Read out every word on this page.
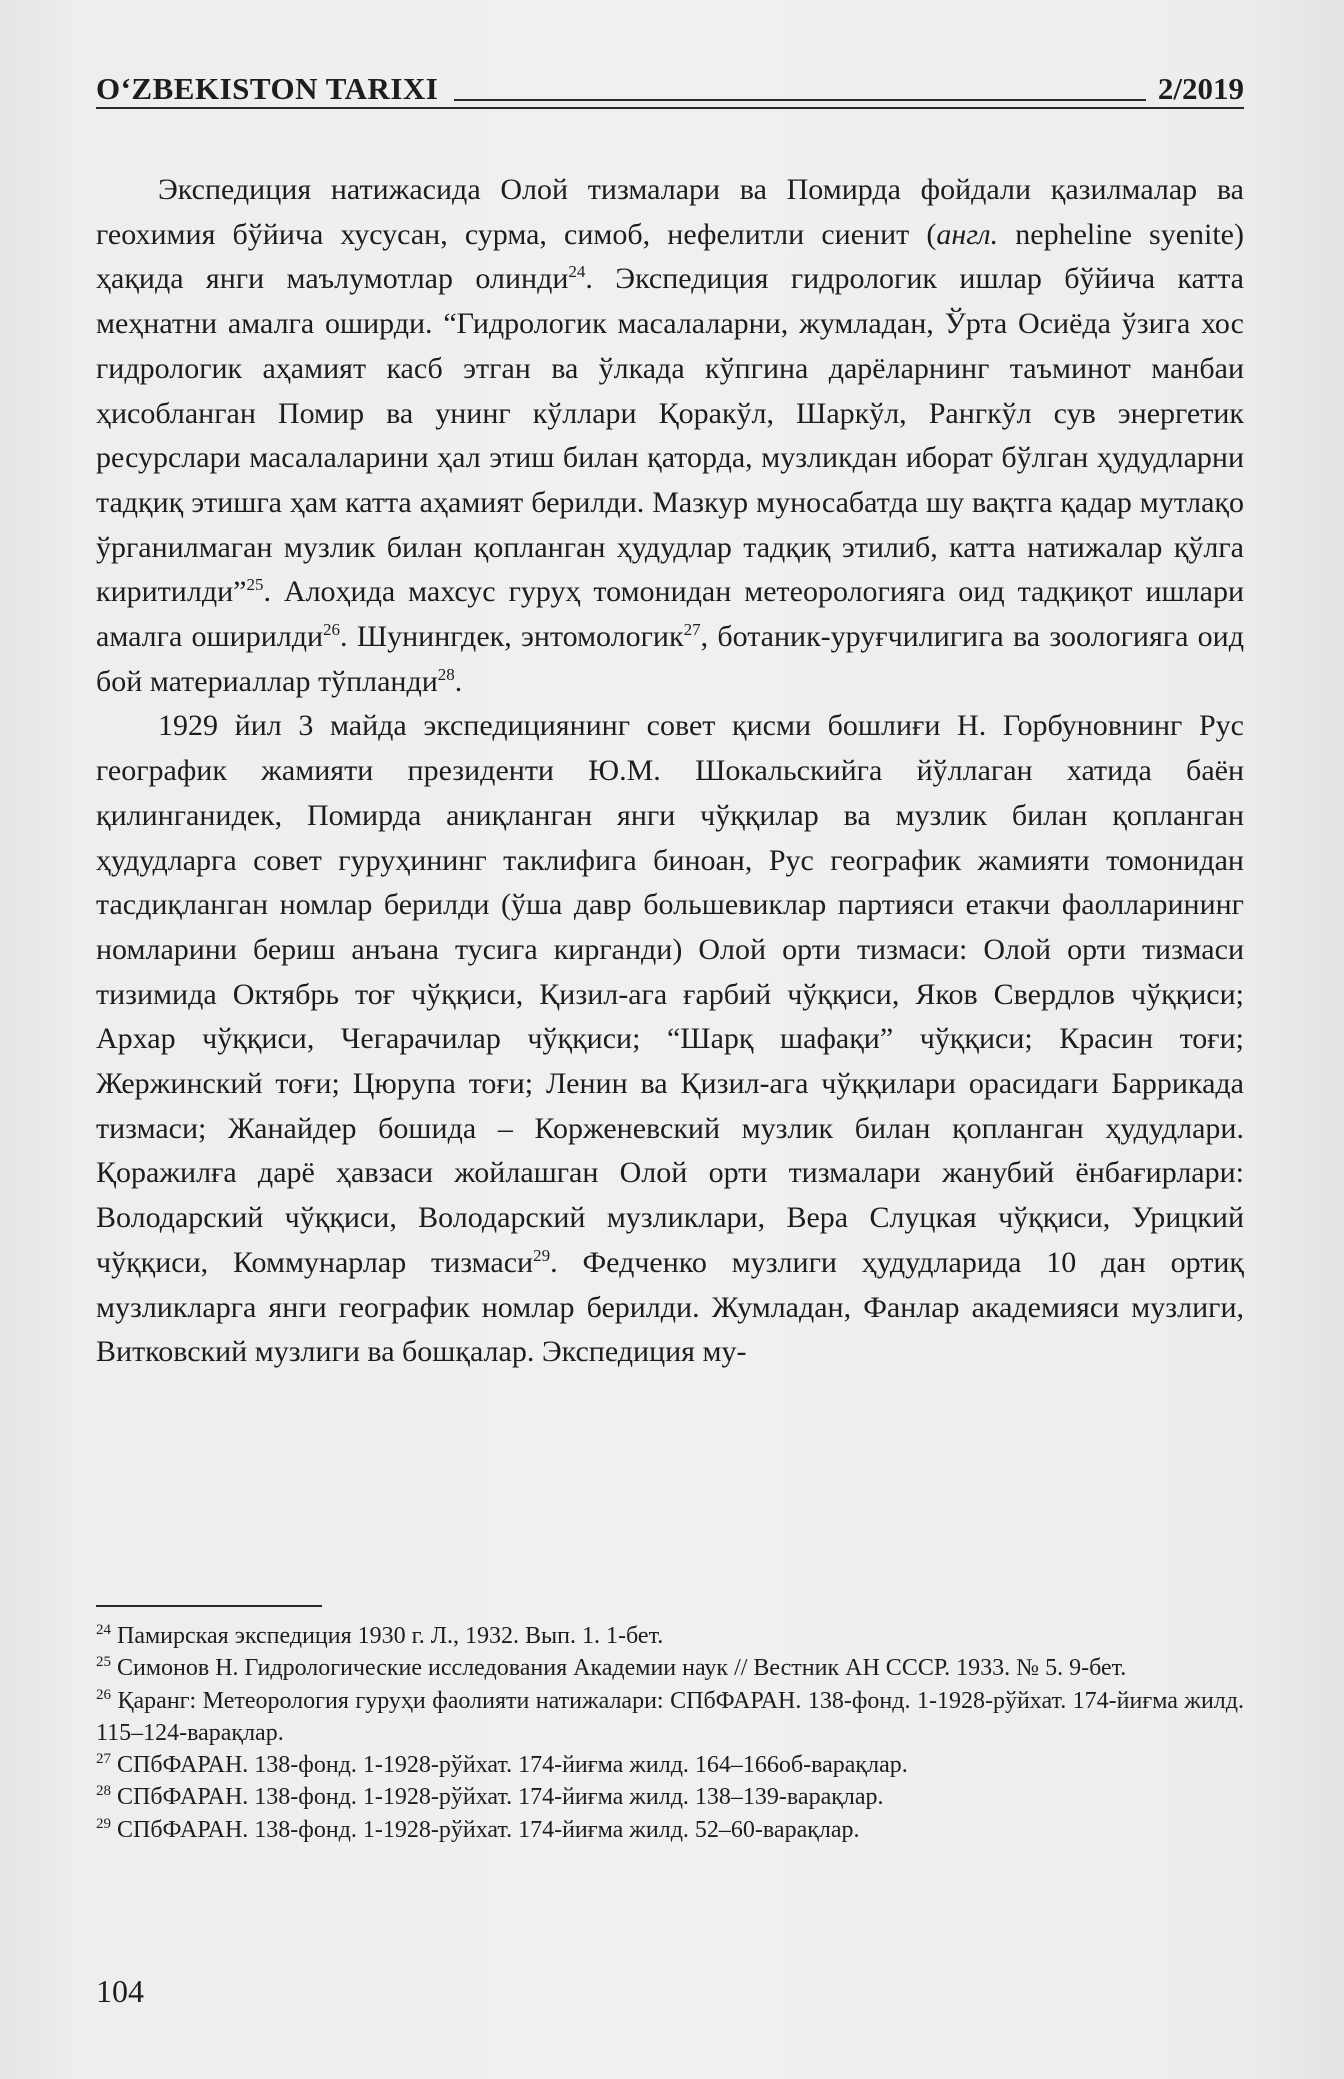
O‘ZBEKISTON TARIXI	2/2019

Экспедиция натижасида Олой тизмалари ва Помирда фойдали қазилмалар ва геохимия бўйича хусусан, сурма, симоб, нефелитли сиенит (англ. nepheline syenite) ҳақида янги маълумотлар олинди$^{24}$. Экспедиция гидрологик ишлар бўйича катта меҳнатни амалга оширди. “Гидрологик масалаларни, жумладан, Ўрта Осиёда ўзига хос гидрологик аҳамият касб этган ва ўлкада кўпгина дарёларнинг таъминот манбаи ҳисобланган Помир ва унинг кўллари Қоракўл, Шаркўл, Рангкўл сув энергетик ресурслари масалаларини ҳал этиш билан қаторда, музликдан иборат бўлган ҳудудларни тадқиқ этишга ҳам катта аҳамият берилди. Мазкур муносабатда шу вақтга қадар мутлақо ўрганилмаган музлик билан қопланган ҳудудлар тадқиқ этилиб, катта натижалар қўлга киритилди”$^{25}$. Алоҳида махсус гуруҳ томонидан метеорологияга оид тадқиқот ишлари амалга оширилди$^{26}$. Шунингдек, энтомологик$^{27}$, ботаник-уруғчилигига ва зоологияга оид бой материаллар тўпланди$^{28}$.

1929 йил 3 майда экспедициянинг совет қисми бошлиғи Н. Горбуновнинг Рус географик жамияти президенти Ю.М. Шокальскийга йўллаган хатида баён қилинганидек, Помирда аниқланган янги чўққилар ва музлик билан қопланган ҳудудларга совет гуруҳининг таклифига биноан, Рус географик жамияти томонидан тасдиқланган номлар берилди (ўша давр большевиклар партияси етакчи фаолларининг номларини бериш анъана тусига кирганди) Олой орти тизмаси: Олой орти тизмаси тизимида Октябрь тоғ чўққиси, Қизил-ага ғарбий чўққиси, Яков Свердлов чўққиси; Архар чўққиси, Чегарачилар чўққиси; “Шарқ шафақи” чўққиси; Красин тоғи; Жержинский тоғи; Цюрупа тоғи; Ленин ва Қизил-ага чўққилари орасидаги Баррикада тизмаси; Жанайдер бошида – Корженевский музлик билан қопланган ҳудудлари. Қоражилға дарё ҳавзаси жойлашган Олой орти тизмалари жанубий ёнбағирлари: Володарский чўққиси, Володарский музликлари, Вера Слуцкая чўққиси, Урицкий чўққиси, Коммунарлар тизмаси$^{29}$. Федченко музлиги ҳудудларида 10 дан ортиқ музликларга янги географик номлар берилди. Жумладан, Фанлар академияси музлиги, Витковский музлиги ва бошқалар. Экспедиция му-

$^{24}$ Памирская экспедиция 1930 г. Л., 1932. Вып. 1. 1-бет.

$^{25}$ Симонов Н. Гидрологические исследования Академии наук // Вестник АН СССР. 1933. № 5. 9-бет.

$^{26}$ Қаранг: Метеорология гуруҳи фаолияти натижалари: СПбФАРАН. 138-фонд. 1-1928-рўйхат. 174-йиғма жилд. 115–124-варақлар.

$^{27}$ СПбФАРАН. 138-фонд. 1-1928-рўйхат. 174-йиғма жилд. 164–166об-варақлар.

$^{28}$ СПбФАРАН. 138-фонд. 1-1928-рўйхат. 174-йиғма жилд. 138–139-варақлар.

$^{29}$ СПбФАРАН. 138-фонд. 1-1928-рўйхат. 174-йиғма жилд. 52–60-варақлар.

104
